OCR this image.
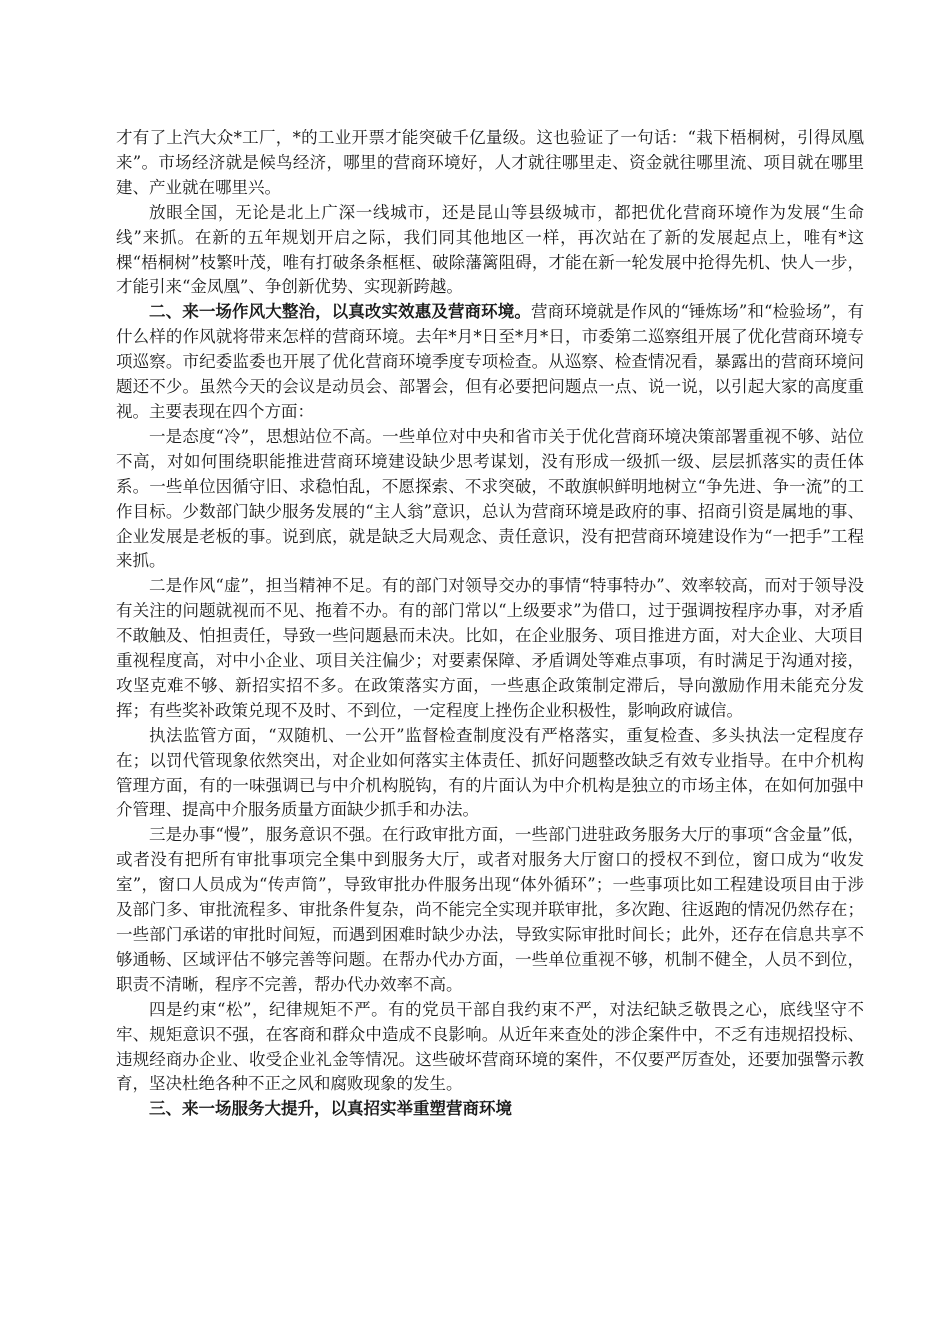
才有了上汽大众*工厂，*的工业开票才能突破千亿量级。这也验证了一句话：“栽下梧桐树，引得凤凰来”。市场经济就是候鸟经济，哪里的营商环境好，人才就往哪里走、资金就往哪里流、项目就在哪里建、产业就在哪里兴。

放眼全国，无论是北上广深一线城市，还是昆山等县级城市，都把优化营商环境作为发展“生命线”来抓。在新的五年规划开启之际，我们同其他地区一样，再次站在了新的发展起点上，唯有*这棵“梧桐树”枝繁叶茂，唯有打破条条框框、破除藩篱阻碍，才能在新一轮发展中抢得先机、快人一步，才能引来“金凤凰”、争创新优势、实现新跨越。

二、来一场作风大整治，以真改实效惠及营商环境。营商环境就是作风的“锤炼场”和“检验场”，有什么样的作风就将带来怎样的营商环境。去年*月*日至*月*日，市委第二巡察组开展了优化营商环境专项巡察。市纪委监委也开展了优化营商环境季度专项检查。从巡察、检查情况看，暴露出的营商环境问题还不少。虽然今天的会议是动员会、部署会，但有必要把问题点一点、说一说，以引起大家的高度重视。主要表现在四个方面：

一是态度“冷”，思想站位不高。一些单位对中央和省市关于优化营商环境决策部署重视不够、站位不高，对如何围绕职能推进营商环境建设缺少思考谋划，没有形成一级抓一级、层层抓落实的责任体系。一些单位因循守旧、求稳怕乱，不愿探索、不求突破，不敢旗帜鲜明地树立“争先进、争一流”的工作目标。少数部门缺少服务发展的“主人翁”意识，总认为营商环境是政府的事、招商引资是属地的事、企业发展是老板的事。说到底，就是缺乏大局观念、责任意识，没有把营商环境建设作为“一把手”工程来抓。

二是作风“虚”，担当精神不足。有的部门对领导交办的事情“特事特办”、效率较高，而对于领导没有关注的问题就视而不见、拖着不办。有的部门常以“上级要求”为借口，过于强调按程序办事，对矛盾不敢触及、怕担责任，导致一些问题悬而未决。比如，在企业服务、项目推进方面，对大企业、大项目重视程度高，对中小企业、项目关注偏少；对要素保障、矛盾调处等难点事项，有时满足于沟通对接，攻坚克难不够、新招实招不多。在政策落实方面，一些惠企政策制定滞后，导向激励作用未能充分发挥；有些奖补政策兑现不及时、不到位，一定程度上挫伤企业积极性，影响政府诚信。

执法监管方面，“双随机、一公开”监督检查制度没有严格落实，重复检查、多头执法一定程度存在；以罚代管现象依然突出，对企业如何落实主体责任、抓好问题整改缺乏有效专业指导。在中介机构管理方面，有的一味强调已与中介机构脱钩，有的片面认为中介机构是独立的市场主体，在如何加强中介管理、提高中介服务质量方面缺少抓手和办法。

三是办事“慢”，服务意识不强。在行政审批方面，一些部门进驻政务服务大厅的事项“含金量”低，或者没有把所有审批事项完全集中到服务大厅，或者对服务大厅窗口的授权不到位，窗口成为“收发室”，窗口人员成为“传声筒”，导致审批办件服务出现“体外循环”；一些事项比如工程建设项目由于涉及部门多、审批流程多、审批条件复杂，尚不能完全实现并联审批，多次跑、往返跑的情况仍然存在；一些部门承诺的审批时间短，而遇到困难时缺少办法，导致实际审批时间长；此外，还存在信息共享不够通畅、区域评估不够完善等问题。在帮办代办方面，一些单位重视不够，机制不健全，人员不到位，职责不清晰，程序不完善，帮办代办效率不高。

四是约束“松”，纪律规矩不严。有的党员干部自我约束不严，对法纪缺乏敬畏之心，底线坚守不牢、规矩意识不强，在客商和群众中造成不良影响。从近年来查处的涉企案件中，不乏有违规招投标、违规经商办企业、收受企业礼金等情况。这些破坏营商环境的案件，不仅要严厉查处，还要加强警示教育，坚决杜绝各种不正之风和腐败现象的发生。

三、来一场服务大提升，以真招实举重塑营商环境
